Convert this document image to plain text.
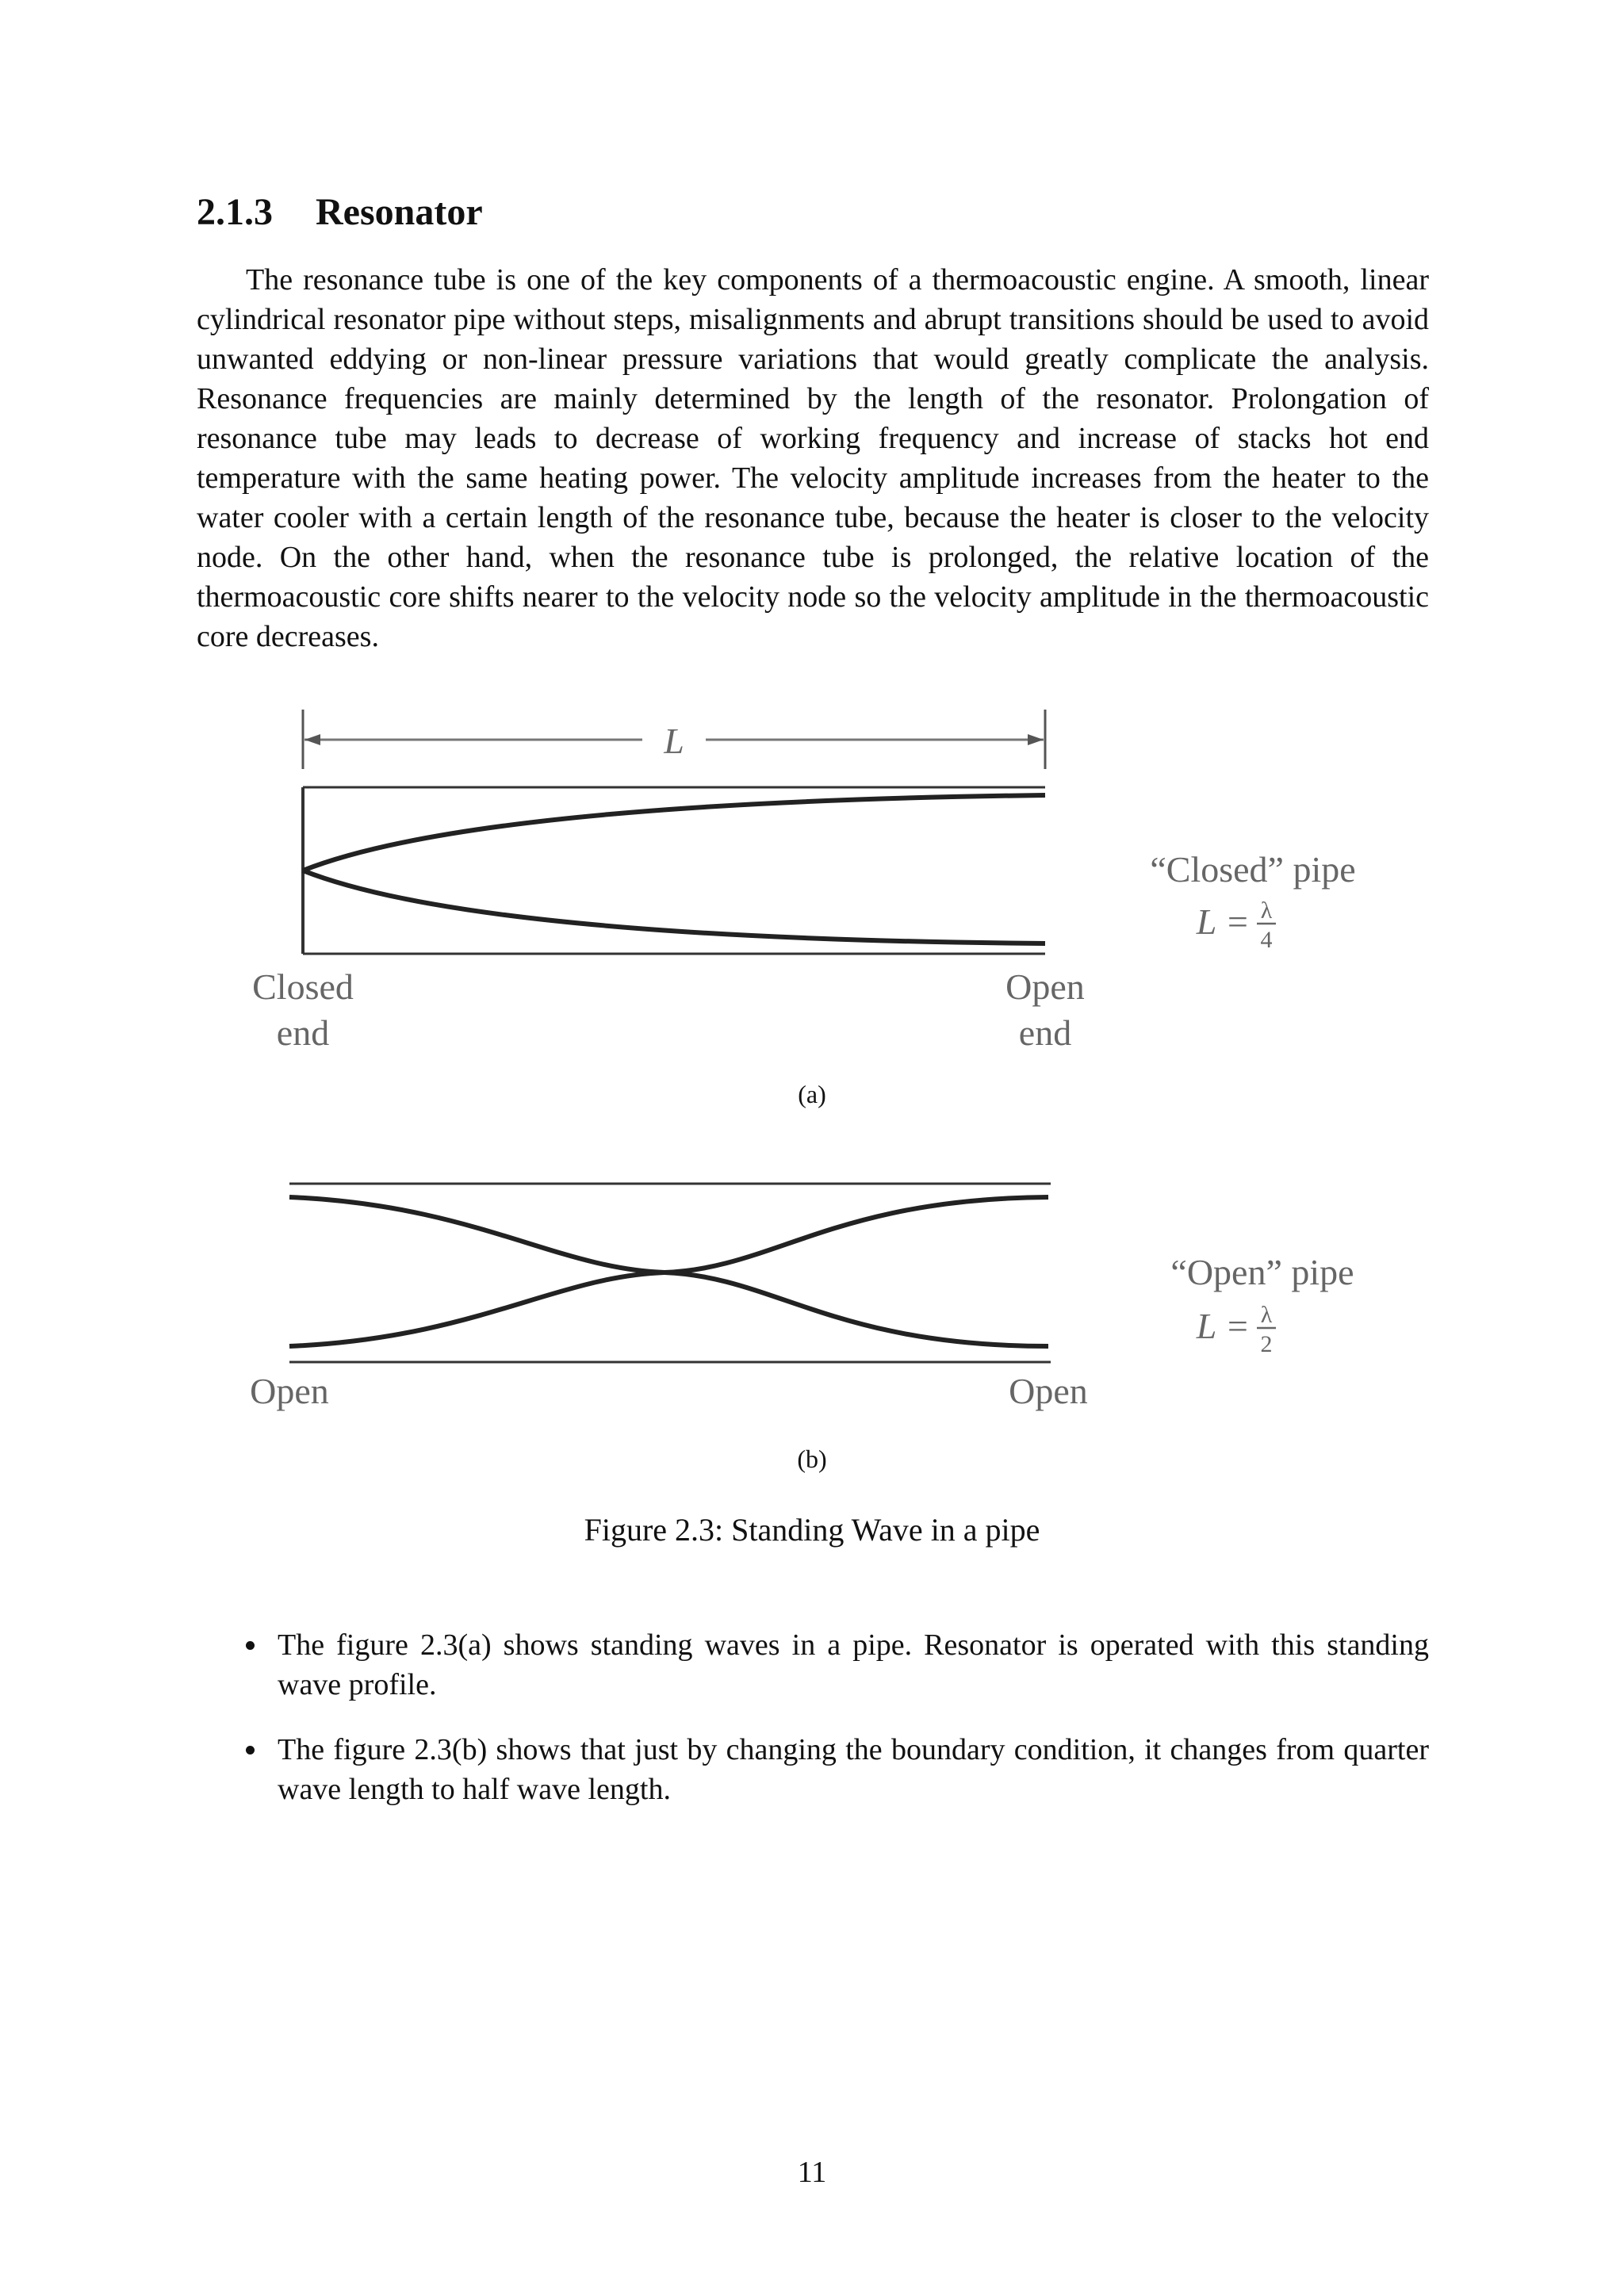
2.1.3 Resonator

The resonance tube is one of the key components of a thermoacoustic engine. A smooth, linear cylindrical resonator pipe without steps, misalignments and abrupt transitions should be used to avoid unwanted eddying or non-linear pressure variations that would greatly complicate the analysis. Resonance frequencies are mainly determined by the length of the resonator. Prolongation of resonance tube may leads to decrease of working frequency and increase of stacks hot end temperature with the same heating power. The velocity amplitude increases from the heater to the water cooler with a certain length of the resonance tube, because the heater is closer to the velocity node. On the other hand, when the resonance tube is prolonged, the relative location of the thermoacoustic core shifts nearer to the velocity node so the velocity amplitude in the thermoacoustic core decreases.

L
Closed
end
Open
end
“Closed” pipe
L = λ
4
Open	Open
“Open” pipe
L = λ
2
(a)
(b)
Figure 2.3: Standing Wave in a pipe
The figure 2.3(a) shows standing waves in a pipe. Resonator is operated with this standing wave profile.
The figure 2.3(b) shows that just by changing the boundary condition, it changes from quarter wave length to half wave length.
11
